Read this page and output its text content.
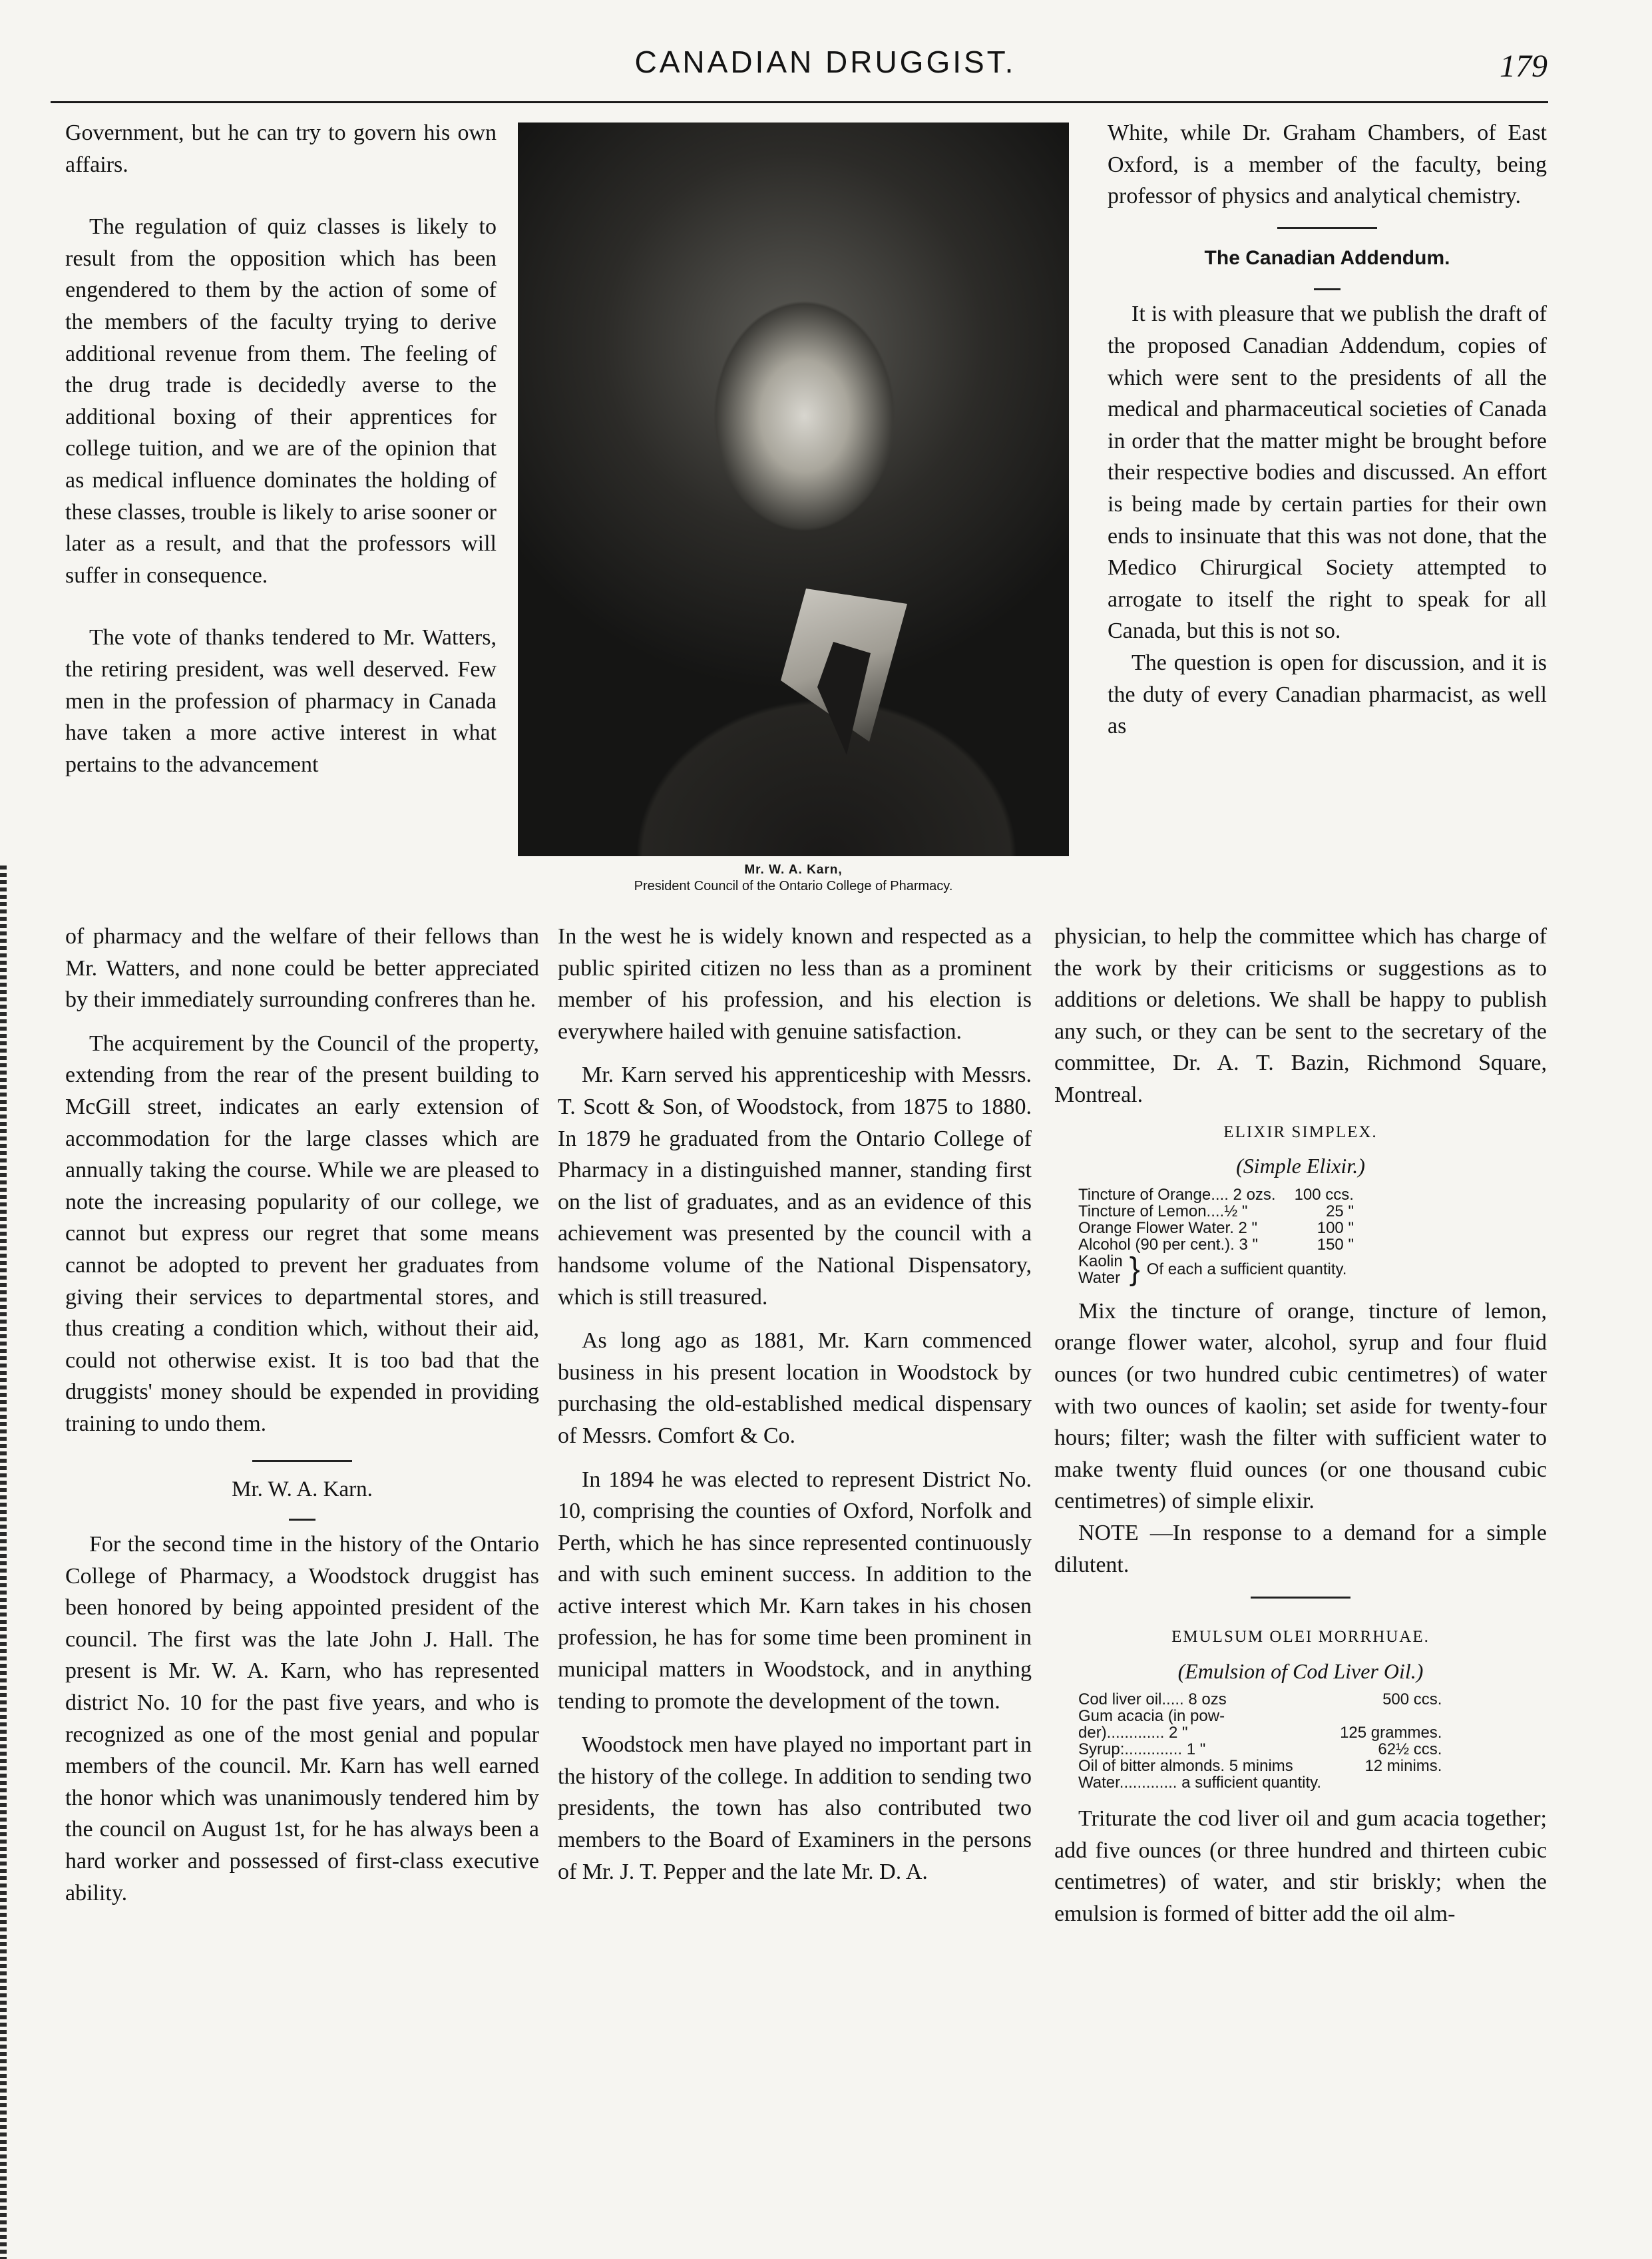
CANADIAN DRUGGIST.	179

Government, but he can try to govern his own affairs.

The regulation of quiz classes is likely to result from the opposition which has been engendered to them by the action of some of the members of the faculty trying to derive additional revenue from them. The feeling of the drug trade is decidedly averse to the additional boxing of their apprentices for college tuition, and we are of the opinion that as medical influence dominates the holding of these classes, trouble is likely to arise sooner or later as a result, and that the professors will suffer in consequence.

The vote of thanks tendered to Mr. Watters, the retiring president, was well deserved. Few men in the profession of pharmacy in Canada have taken a more active interest in what pertains to the advancement

of pharmacy and the welfare of their fellows than Mr. Watters, and none could be better appreciated by their immediately surrounding confreres than he.

The acquirement by the Council of the property, extending from the rear of the present building to McGill street, indicates an early extension of accommodation for the large classes which are annually taking the course. While we are pleased to note the increasing popularity of our college, we cannot but express our regret that some means cannot be adopted to prevent her graduates from giving their services to departmental stores, and thus creating a condition which, without their aid, could not otherwise exist. It is too bad that the druggists' money should be expended in providing training to undo them.

Mr. W. A. Karn.

For the second time in the history of the Ontario College of Pharmacy, a Woodstock druggist has been honored by being appointed president of the council. The first was the late John J. Hall. The present is Mr. W. A. Karn, who has represented district No. 10 for the past five years, and who is recognized as one of the most genial and popular members of the council. Mr. Karn has well earned the honor which was unanimously tendered him by the council on August 1st, for he has always been a hard worker and possessed of first-class executive ability.

Mr. W. A. Karn,
President Council of the Ontario College of Pharmacy.

In the west he is widely known and respected as a public spirited citizen no less than as a prominent member of his profession, and his election is everywhere hailed with genuine satisfaction.

Mr. Karn served his apprenticeship with Messrs. T. Scott & Son, of Woodstock, from 1875 to 1880. In 1879 he graduated from the Ontario College of Pharmacy in a distinguished manner, standing first on the list of graduates, and as an evidence of this achievement was presented by the council with a handsome volume of the National Dispensatory, which is still treasured.

As long ago as 1881, Mr. Karn commenced business in his present location in Woodstock by purchasing the old-established medical dispensary of Messrs. Comfort & Co.

In 1894 he was elected to represent District No. 10, comprising the counties of Oxford, Norfolk and Perth, which he has since represented continuously and with such eminent success. In addition to the active interest which Mr. Karn takes in his chosen profession, he has for some time been prominent in municipal matters in Woodstock, and in anything tending to promote the development of the town.

Woodstock men have played no important part in the history of the college. In addition to sending two presidents, the town has also contributed two members to the Board of Examiners in the persons of Mr. J. T. Pepper and the late Mr. D. A.

White, while Dr. Graham Chambers, of East Oxford, is a member of the faculty, being professor of physics and analytical chemistry.

The Canadian Addendum.

It is with pleasure that we publish the draft of the proposed Canadian Addendum, copies of which were sent to the presidents of all the medical and pharmaceutical societies of Canada in order that the matter might be brought before their respective bodies and discussed. An effort is being made by certain parties for their own ends to insinuate that this was not done, that the Medico Chirurgical Society attempted to arrogate to itself the right to speak for all Canada, but this is not so.

The question is open for discussion, and it is the duty of every Canadian pharmacist, as well as

physician, to help the committee which has charge of the work by their criticisms or suggestions as to additions or deletions. We shall be happy to publish any such, or they can be sent to the secretary of the committee, Dr. A. T. Bazin, Richmond Square, Montreal.

ELIXIR SIMPLEX.
(Simple Elixir.)
Tincture of Orange.... 2 ozs.	100 ccs.
Tincture of Lemon....½ "	25 "
Orange Flower Water. 2 "	100 "
Alcohol (90 per cent.). 3 "	150 "
Kaolin
Water } Of each a sufficient quantity.

Mix the tincture of orange, tincture of lemon, orange flower water, alcohol, syrup and four fluid ounces (or two hundred cubic centimetres) of water with two ounces of kaolin; set aside for twenty-four hours; filter; wash the filter with sufficient water to make twenty fluid ounces (or one thousand cubic centimetres) of simple elixir.

NOTE —In response to a demand for a simple dilutent.

EMULSUM OLEI MORRHUAE.
(Emulsion of Cod Liver Oil.)
Cod liver oil..... 8 ozs	500 ccs.
Gum acacia (in pow-	
der)............. 2 "	125 grammes.
Syrup:............. 1 "	62½ ccs.
Oil of bitter almonds. 5 minims	12 minims.
Water............. a sufficient quantity.	

Triturate the cod liver oil and gum acacia together; add five ounces (or three hundred and thirteen cubic centimetres) of water, and stir briskly; when the emulsion is formed of bitter add the oil alm-
